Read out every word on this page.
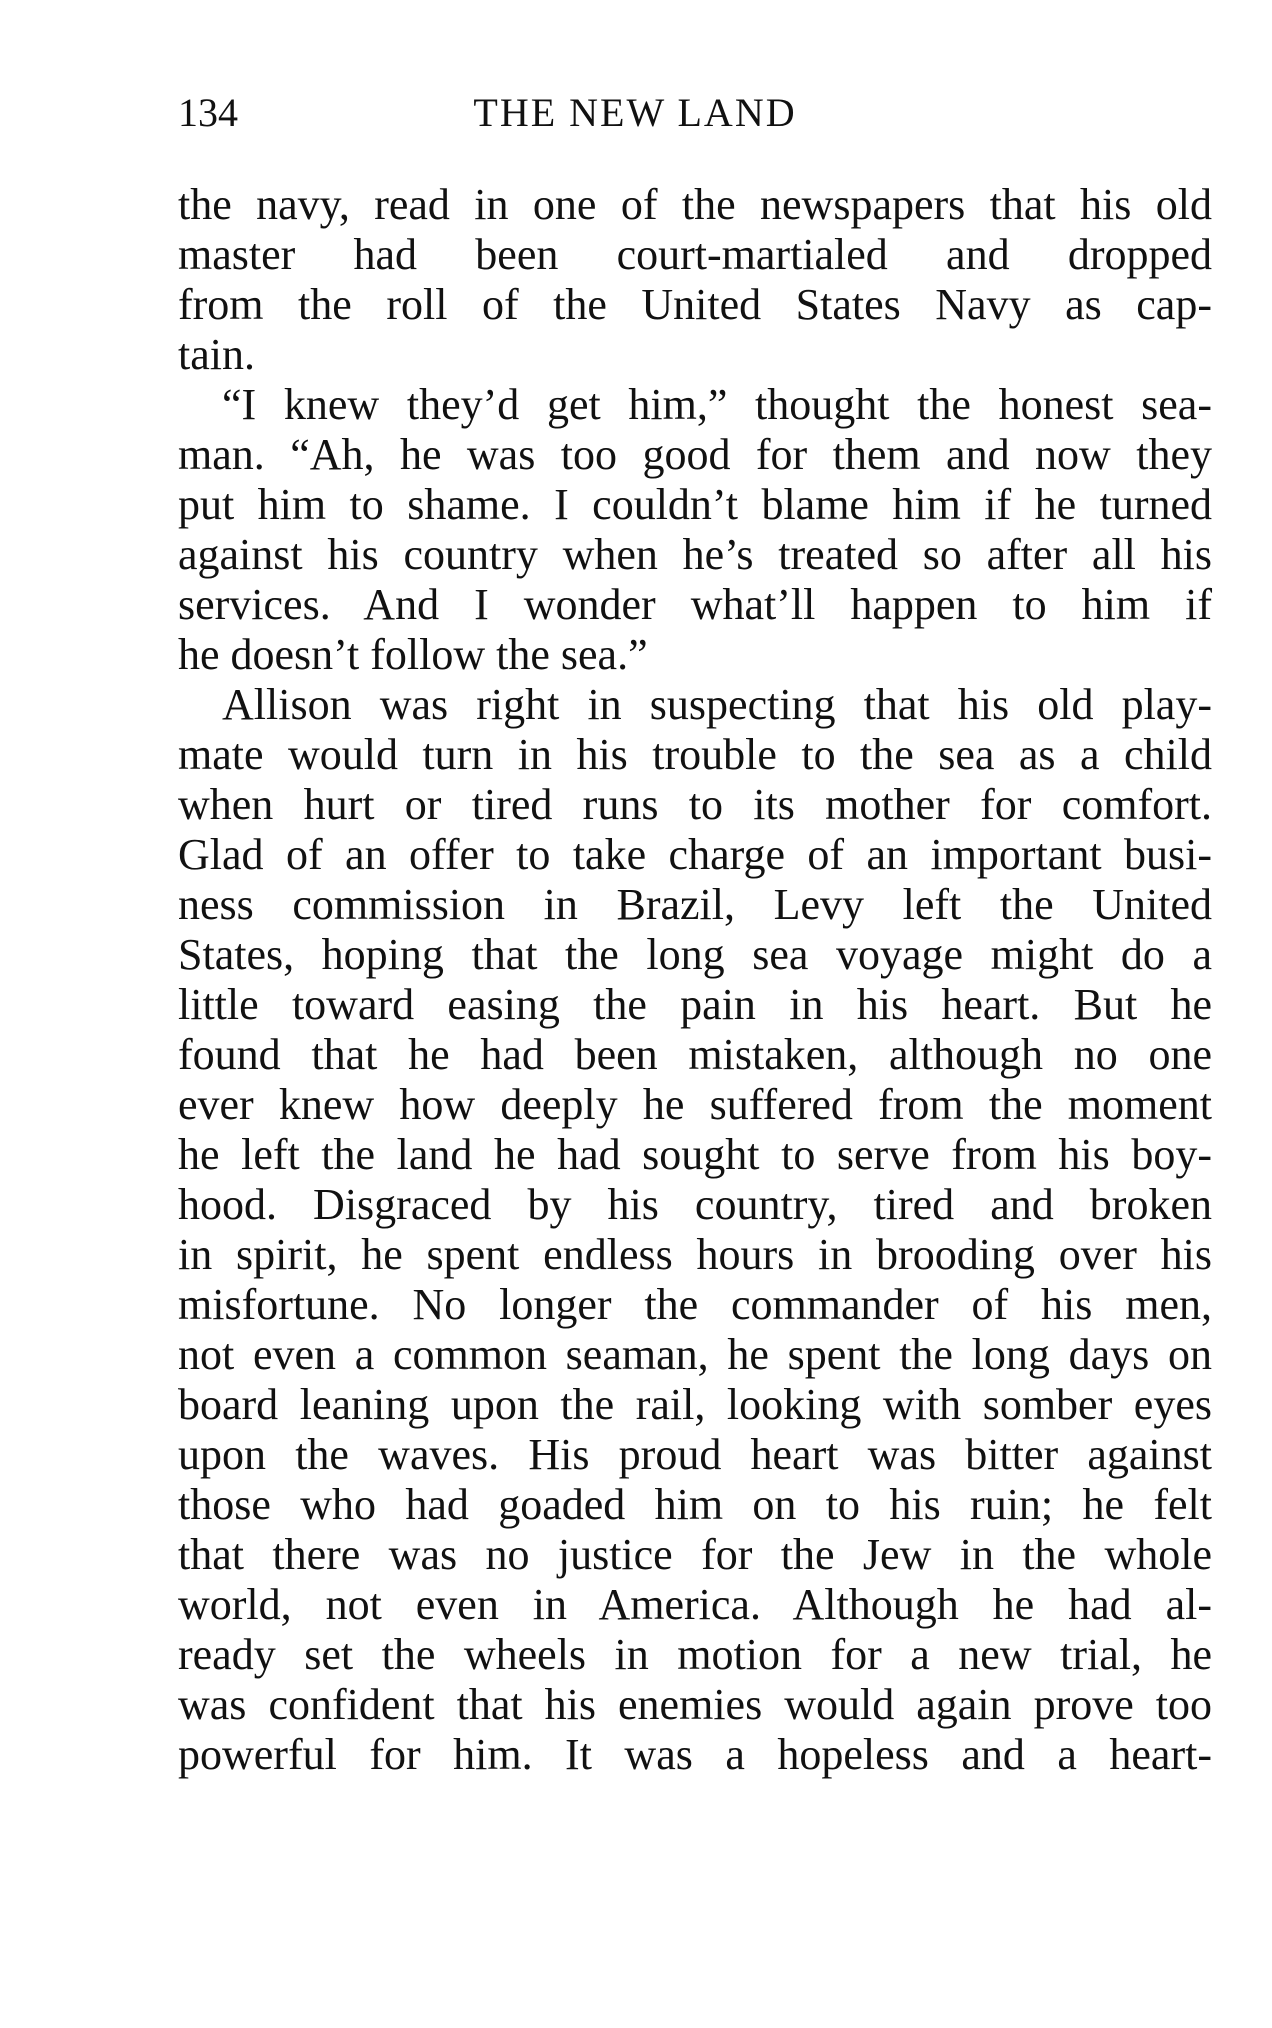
134	THE NEW LAND
the navy, read in one of the newspapers that his old
master had been court-martialed and dropped
from the roll of the United States Navy as cap-
tain.
“I knew they’d get him,” thought the honest sea-
man. “Ah, he was too good for them and now they
put him to shame. I couldn’t blame him if he turned
against his country when he’s treated so after all his
services. And I wonder what’ll happen to him if
he doesn’t follow the sea.”
Allison was right in suspecting that his old play-
mate would turn in his trouble to the sea as a child
when hurt or tired runs to its mother for comfort.
Glad of an offer to take charge of an important busi-
ness commission in Brazil, Levy left the United
States, hoping that the long sea voyage might do a
little toward easing the pain in his heart. But he
found that he had been mistaken, although no one
ever knew how deeply he suffered from the moment
he left the land he had sought to serve from his boy-
hood. Disgraced by his country, tired and broken
in spirit, he spent endless hours in brooding over his
misfortune. No longer the commander of his men,
not even a common seaman, he spent the long days on
board leaning upon the rail, looking with somber eyes
upon the waves. His proud heart was bitter against
those who had goaded him on to his ruin; he felt
that there was no justice for the Jew in the whole
world, not even in America. Although he had al-
ready set the wheels in motion for a new trial, he
was confident that his enemies would again prove too
powerful for him. It was a hopeless and a heart-
